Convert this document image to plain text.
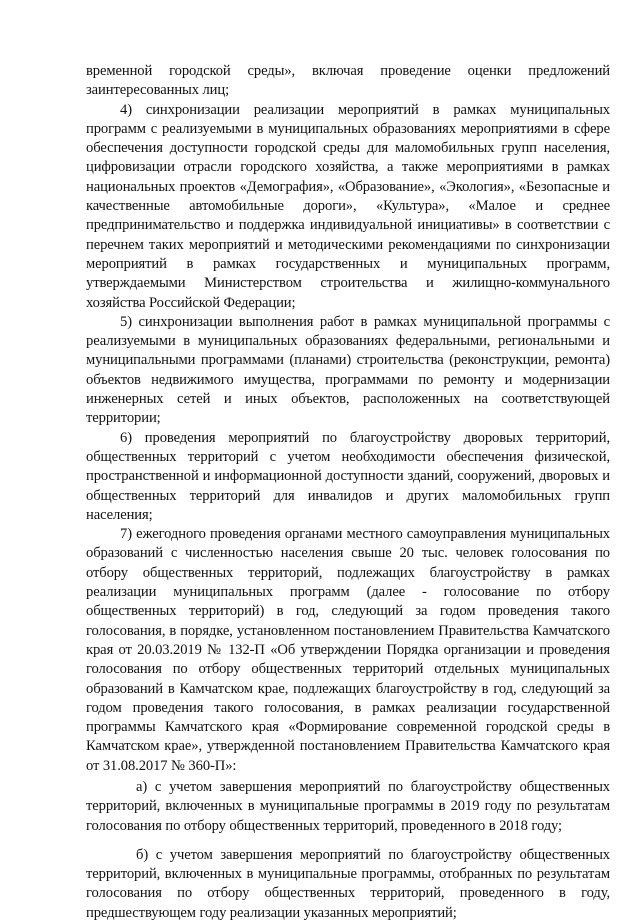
временной городской среды», включая проведение оценки предложений заинтересованных лиц;

4) синхронизации реализации мероприятий в рамках муниципальных программ с реализуемыми в муниципальных образованиях мероприятиями в сфере обеспечения доступности городской среды для маломобильных групп населения, цифровизации отрасли городского хозяйства, а также мероприятиями в рамках национальных проектов «Демография», «Образование», «Экология», «Безопасные и качественные автомобильные дороги», «Культура», «Малое и среднее предпринимательство и поддержка индивидуальной инициативы» в соответствии с перечнем таких мероприятий и методическими рекомендациями по синхронизации мероприятий в рамках государственных и муниципальных программ, утверждаемыми Министерством строительства и жилищно-коммунального хозяйства Российской Федерации;

5) синхронизации выполнения работ в рамках муниципальной программы с реализуемыми в муниципальных образованиях федеральными, региональными и муниципальными программами (планами) строительства (реконструкции, ремонта) объектов недвижимого имущества, программами по ремонту и модернизации инженерных сетей и иных объектов, расположенных на соответствующей территории;

6) проведения мероприятий по благоустройству дворовых территорий, общественных территорий с учетом необходимости обеспечения физической, пространственной и информационной доступности зданий, сооружений, дворовых и общественных территорий для инвалидов и других маломобильных групп населения;

7) ежегодного проведения органами местного самоуправления муниципальных образований с численностью населения свыше 20 тыс. человек голосования по отбору общественных территорий, подлежащих благоустройству в рамках реализации муниципальных программ (далее - голосование по отбору общественных территорий) в год, следующий за годом проведения такого голосования, в порядке, установленном постановлением Правительства Камчатского края от 20.03.2019 № 132-П «Об утверждении Порядка организации и проведения голосования по отбору общественных территорий отдельных муниципальных образований в Камчатском крае, подлежащих благоустройству в год, следующий за годом проведения такого голосования, в рамках реализации государственной программы Камчатского края «Формирование современной городской среды в Камчатском крае», утвержденной постановлением Правительства Камчатского края от 31.08.2017 № 360-П»:

а) с учетом завершения мероприятий по благоустройству общественных территорий, включенных в муниципальные программы в 2019 году по результатам голосования по отбору общественных территорий, проведенного в 2018 году;

б) с учетом завершения мероприятий по благоустройству общественных территорий, включенных в муниципальные программы, отобранных по результатам голосования по отбору общественных территорий, проведенного в году, предшествующем году реализации указанных мероприятий;
